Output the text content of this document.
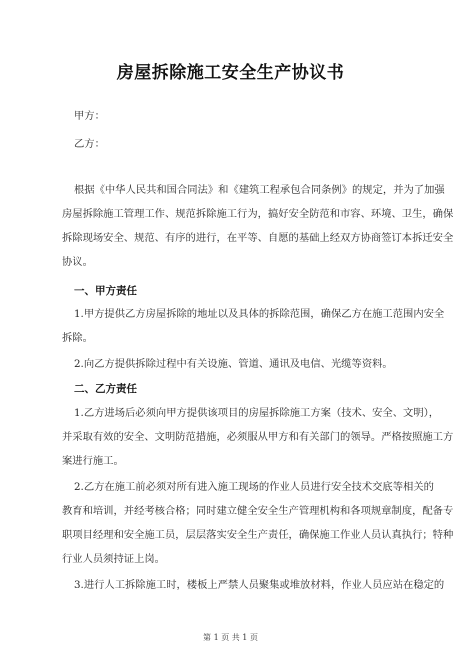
房屋拆除施工安全生产协议书
甲方：
乙方：
根据《中华人民共和国合同法》和《建筑工程承包合同条例》的规定，并为了加强
房屋拆除施工管理工作、规范拆除施工行为，搞好安全防范和市容、环境、卫生，确保
拆除现场安全、规范、有序的进行，在平等、自愿的基础上经双方协商签订本拆迁安全
协议。
一、甲方责任
1.甲方提供乙方房屋拆除的地址以及具体的拆除范围，确保乙方在施工范围内安全
拆除。
2.向乙方提供拆除过程中有关设施、管道、通讯及电信、光缆等资料。
二、乙方责任
1.乙方进场后必须向甲方提供该项目的房屋拆除施工方案（技术、安全、文明），
并采取有效的安全、文明防范措施，必须服从甲方和有关部门的领导。严格按照施工方
案进行施工。
2.乙方在施工前必须对所有进入施工现场的作业人员进行安全技术交底等相关的
教育和培训，并经考核合格；同时建立健全安全生产管理机构和各项规章制度，配备专
职项目经理和安全施工员，层层落实安全生产责任，确保施工作业人员认真执行；特种
行业人员须持证上岗。
3.进行人工拆除施工时，楼板上严禁人员聚集或堆放材料，作业人员应站在稳定的
第 1 页 共 1 页
